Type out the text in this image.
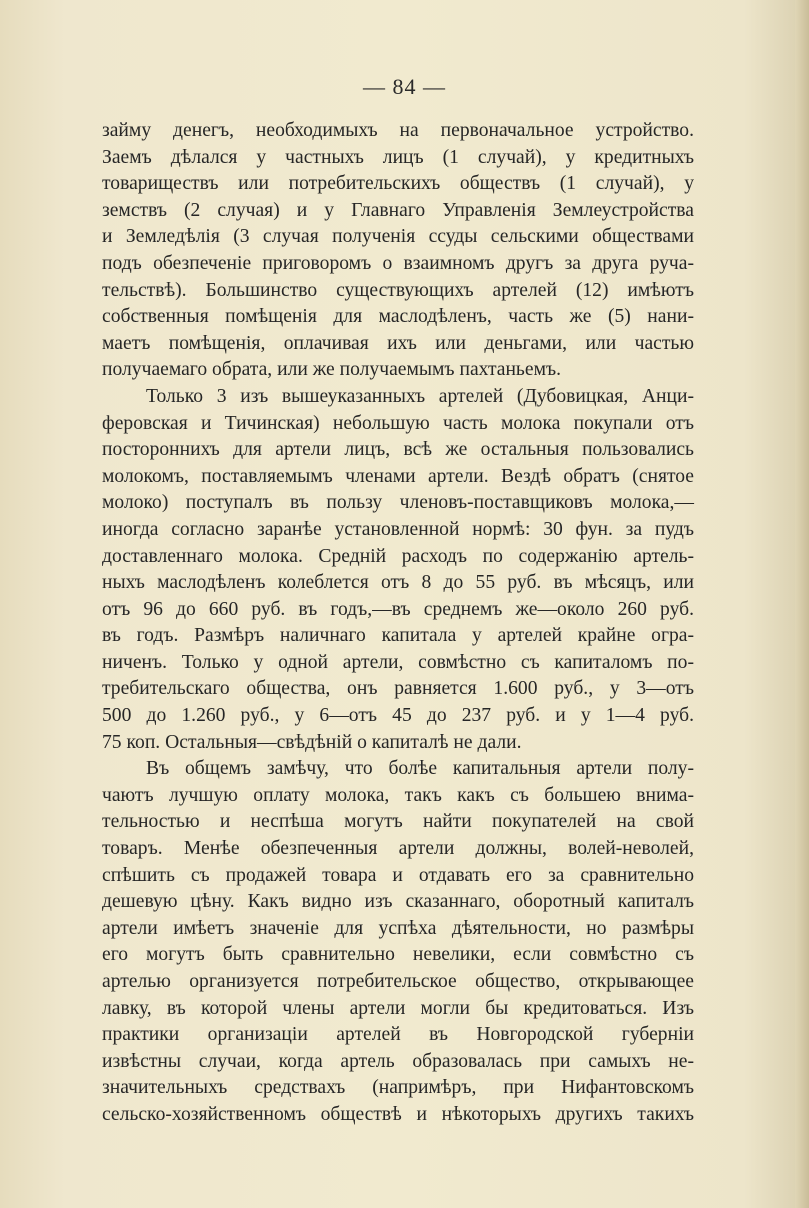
— 84 —
займу денегъ, необходимыхъ на первоначальное устройство.
Заемъ дѣлался у частныхъ лицъ (1 случай), у кредитныхъ
товариществъ или потребительскихъ обществъ (1 случай), у
земствъ (2 случая) и у Главнаго Управленія Землеустройства
и Земледѣлія (3 случая полученія ссуды сельскими обществами
подъ обезпеченіе приговоромъ о взаимномъ другъ за друга руча-
тельствѣ). Большинство существующихъ артелей (12) имѣютъ
собственныя помѣщенія для маслодѣленъ, часть же (5) нани-
маетъ помѣщенія, оплачивая ихъ или деньгами, или частью
получаемаго обрата, или же получаемымъ пахтаньемъ.
Только 3 изъ вышеуказанныхъ артелей (Дубовицкая, Анци-
феровская и Тичинская) небольшую часть молока покупали отъ
постороннихъ для артели лицъ, всѣ же остальныя пользовались
молокомъ, поставляемымъ членами артели. Вездѣ обратъ (снятое
молоко) поступалъ въ пользу членовъ-поставщиковъ молока,—
иногда согласно заранѣе установленной нормѣ: 30 фун. за пудъ
доставленнаго молока. Средній расходъ по содержанію артель-
ныхъ маслодѣленъ колеблется отъ 8 до 55 руб. въ мѣсяцъ, или
отъ 96 до 660 руб. въ годъ,—въ среднемъ же—около 260 руб.
въ годъ. Размѣръ наличнаго капитала у артелей крайне огра-
ниченъ. Только у одной артели, совмѣстно съ капиталомъ по-
требительскаго общества, онъ равняется 1.600 руб., у 3—отъ
500 до 1.260 руб., у 6—отъ 45 до 237 руб. и у 1—4 руб.
75 коп. Остальныя—свѣдѣній о капиталѣ не дали.
Въ общемъ замѣчу, что болѣе капитальныя артели полу-
чаютъ лучшую оплату молока, такъ какъ съ большею внима-
тельностью и неспѣша могутъ найти покупателей на свой
товаръ. Менѣе обезпеченныя артели должны, волей-неволей,
спѣшить съ продажей товара и отдавать его за сравнительно
дешевую цѣну. Какъ видно изъ сказаннаго, оборотный капиталъ
артели имѣетъ значеніе для успѣха дѣятельности, но размѣры
его могутъ быть сравнительно невелики, если совмѣстно съ
артелью организуется потребительское общество, открывающее
лавку, въ которой члены артели могли бы кредитоваться. Изъ
практики организаціи артелей въ Новгородской губерніи
извѣстны случаи, когда артель образовалась при самыхъ не-
значительныхъ средствахъ (напримѣръ, при Нифантовскомъ
сельско-хозяйственномъ обществѣ и нѣкоторыхъ другихъ такихъ
